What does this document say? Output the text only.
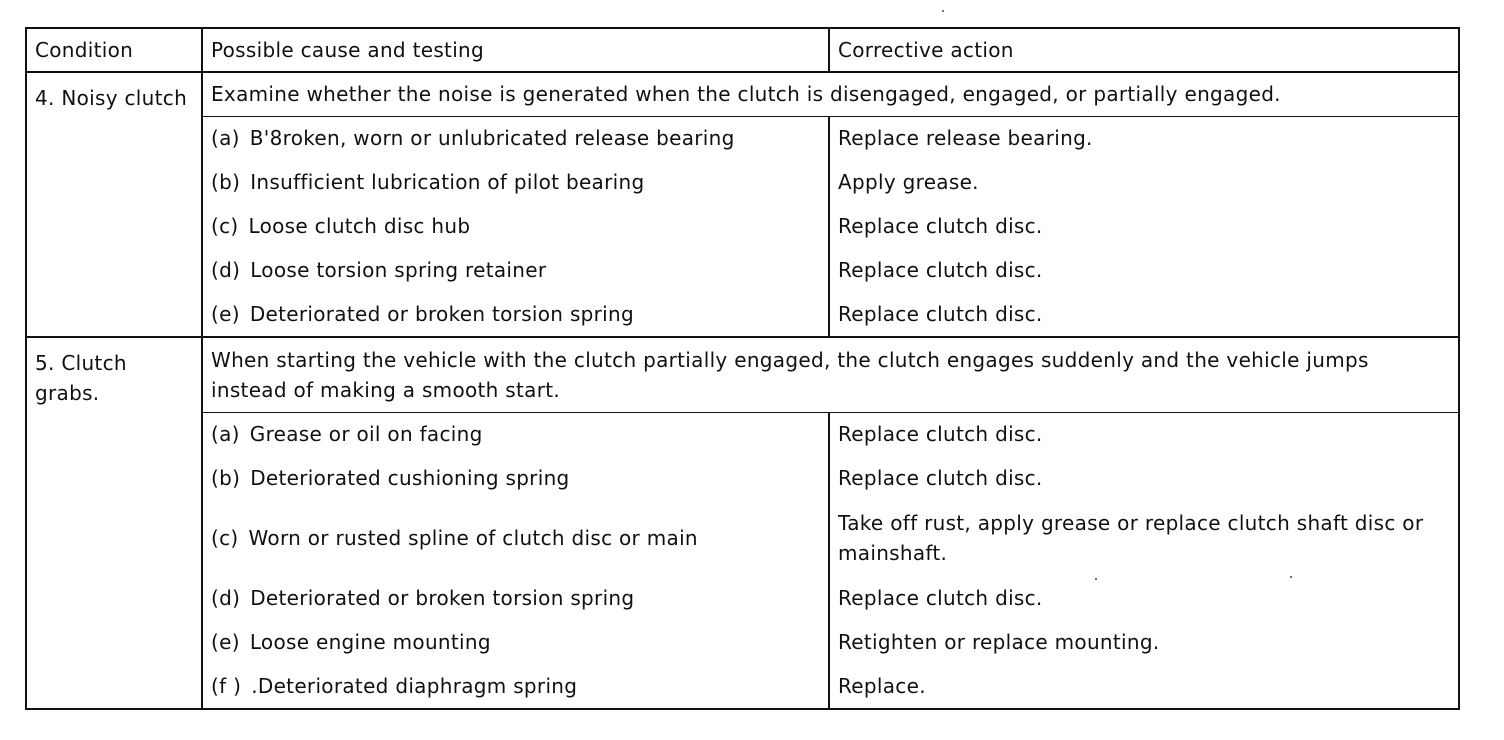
Condition	Possible cause and testing	Corrective action
4. Noisy clutch	Examine whether the noise is generated when the clutch is disengaged, engaged, or partially engaged.	
	(a) B'8roken, worn or unlubricated release bearing	Replace release bearing.
	(b) Insufficient lubrication of pilot bearing	Apply grease.
	(c) Loose clutch disc hub	Replace clutch disc.
	(d) Loose torsion spring retainer	Replace clutch disc.
	(e) Deteriorated or broken torsion spring	Replace clutch disc.
5. Clutch grabs.	When starting the vehicle with the clutch partially engaged, the clutch engages suddenly and the vehicle jumps instead of making a smooth start.	
	(a) Grease or oil on facing	Replace clutch disc.
	(b) Deteriorated cushioning spring	Replace clutch disc.
	(c) Worn or rusted spline of clutch disc or main	Take off rust, apply grease or replace clutch shaft disc or mainshaft.
	(d) Deteriorated or broken torsion spring	Replace clutch disc.
	(e) Loose engine mounting	Retighten or replace mounting.
	(f ) .Deteriorated diaphragm spring	Replace.
